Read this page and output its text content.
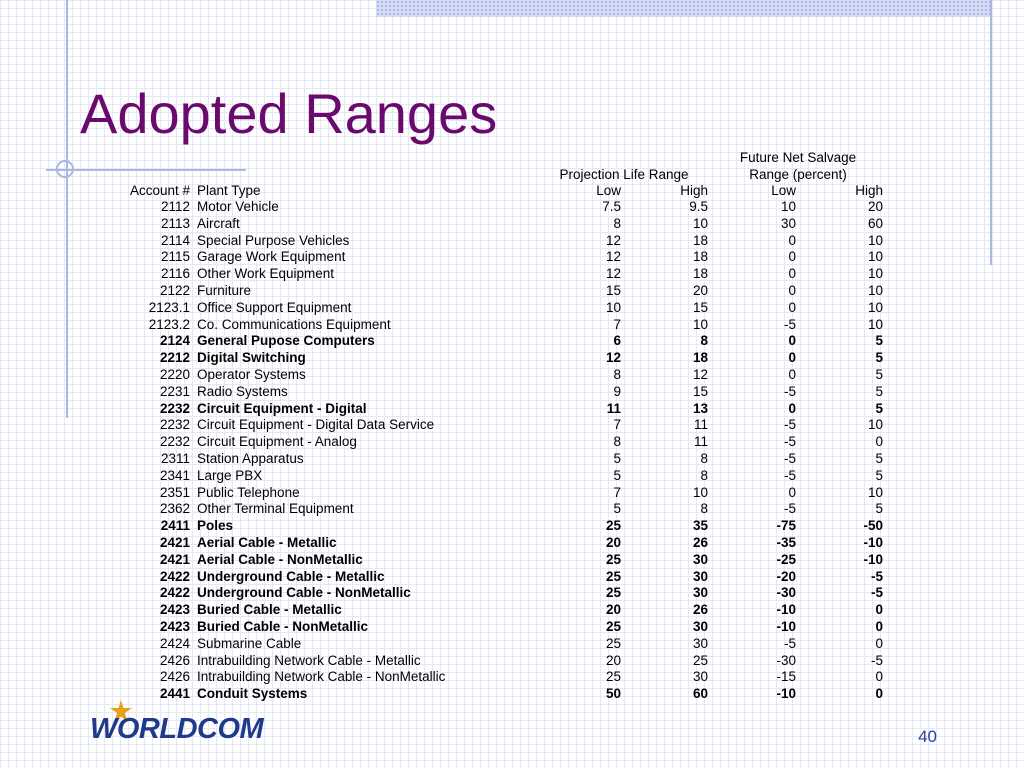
Adopted Ranges
Future Net Salvage
Projection Life Range	Range (percent)
Account # Plant Type	Low	High	Low	High
2112 Motor Vehicle	7.5	9.5	10	20
2113 Aircraft	8	10	30	60
2114 Special Purpose Vehicles	12	18	0	10
2115 Garage Work Equipment	12	18	0	10
2116 Other Work Equipment	12	18	0	10
2122 Furniture	15	20	0	10
2123.1 Office Support Equipment	10	15	0	10
2123.2 Co. Communications Equipment	7	10	-5	10
2124 General Pupose Computers	6	8	0	5
2212 Digital Switching	12	18	0	5
2220 Operator Systems	8	12	0	5
2231 Radio Systems	9	15	-5	5
2232 Circuit Equipment - Digital	11	13	0	5
2232 Circuit Equipment - Digital Data Service	7	11	-5	10
2232 Circuit Equipment - Analog	8	11	-5	0
2311 Station Apparatus	5	8	-5	5
2341 Large PBX	5	8	-5	5
2351 Public Telephone	7	10	0	10
2362 Other Terminal Equipment	5	8	-5	5
2411 Poles	25	35	-75	-50
2421 Aerial Cable - Metallic	20	26	-35	-10
2421 Aerial Cable - NonMetallic	25	30	-25	-10
2422 Underground Cable - Metallic	25	30	-20	-5
2422 Underground Cable - NonMetallic	25	30	-30	-5
2423 Buried Cable - Metallic	20	26	-10	0
2423 Buried Cable - NonMetallic	25	30	-10	0
2424 Submarine Cable	25	30	-5	0
2426 Intrabuilding Network Cable - Metallic	20	25	-30	-5
2426 Intrabuilding Network Cable - NonMetallic	25	30	-15	0
2441 Conduit Systems	50	60	-10	0
WORLDCOM	40
